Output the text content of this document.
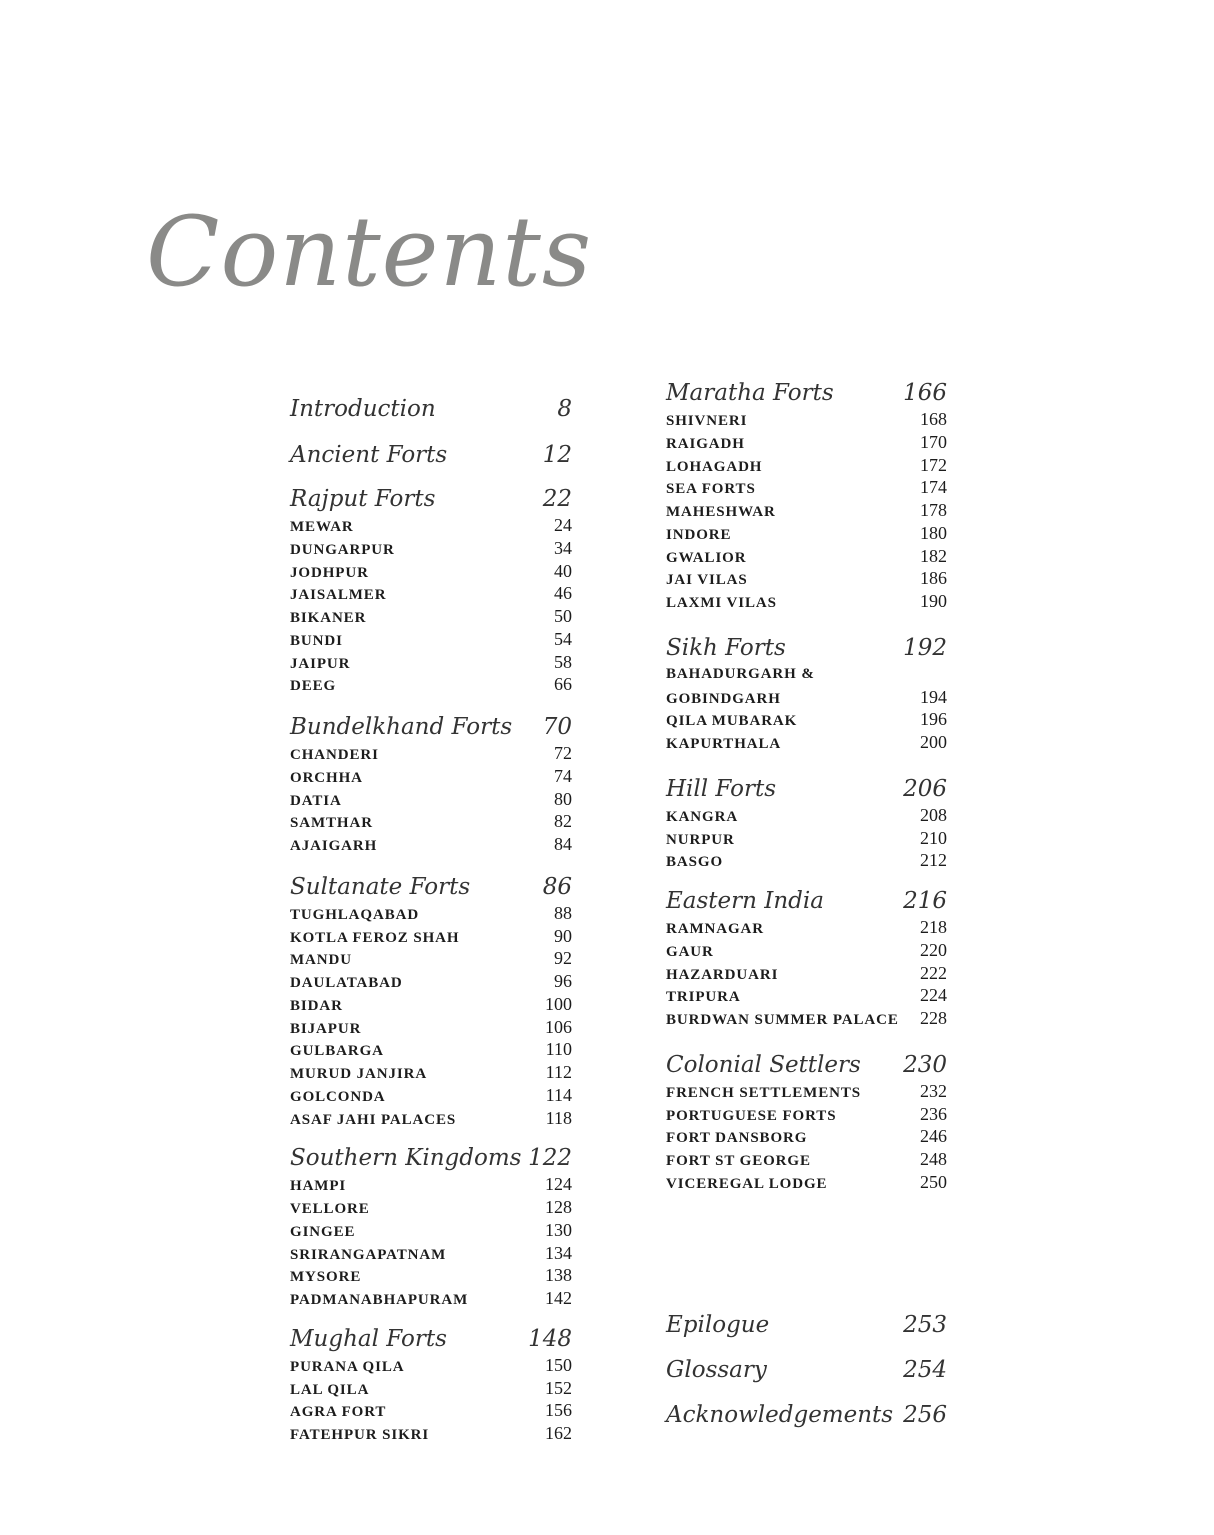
Contents
Introduction	8
Ancient Forts	12
Rajput Forts	22
MEWAR	24
DUNGARPUR	34
JODHPUR	40
JAISALMER	46
BIKANER	50
BUNDI	54
JAIPUR	58
DEEG	66
Bundelkhand Forts 70
CHANDERI	72
ORCHHA	74
DATIA	80
SAMTHAR	82
AJAIGARH	84
Sultanate Forts	86
TUGHLAQABAD	88
KOTLA FEROZ SHAH	90
MANDU	92
DAULATABAD	96
BIDAR	100
BIJAPUR	106
GULBARGA	110
MURUD JANJIRA	112
GOLCONDA	114
ASAF JAHI PALACES	118
Southern Kingdoms 122
HAMPI	124
VELLORE	128
GINGEE	130
SRIRANGAPATNAM	134
MYSORE	138
PADMANABHAPURAM	142
Mughal Forts	148
PURANA QILA	150
LAL QILA	152
AGRA FORT	156
FATEHPUR SIKRI	162
Maratha Forts	166
SHIVNERI	168
RAIGADH	170
LOHAGADH	172
SEA FORTS	174
MAHESHWAR	178
INDORE	180
GWALIOR	182
JAI VILAS	186
LAXMI VILAS	190
Sikh Forts	192
BAHADURGARH &
GOBINDGARH	194
QILA MUBARAK	196
KAPURTHALA	200
Hill Forts	206
KANGRA	208
NURPUR	210
BASGO	212
Eastern India	216
RAMNAGAR	218
GAUR	220
HAZARDUARI	222
TRIPURA	224
BURDWAN SUMMER PALACE 228
Colonial Settlers 230
FRENCH SETTLEMENTS	232
PORTUGUESE FORTS	236
FORT DANSBORG	246
FORT ST GEORGE	248
VICEREGAL LODGE	250
Epilogue	253
Glossary	254
Acknowledgements 256
